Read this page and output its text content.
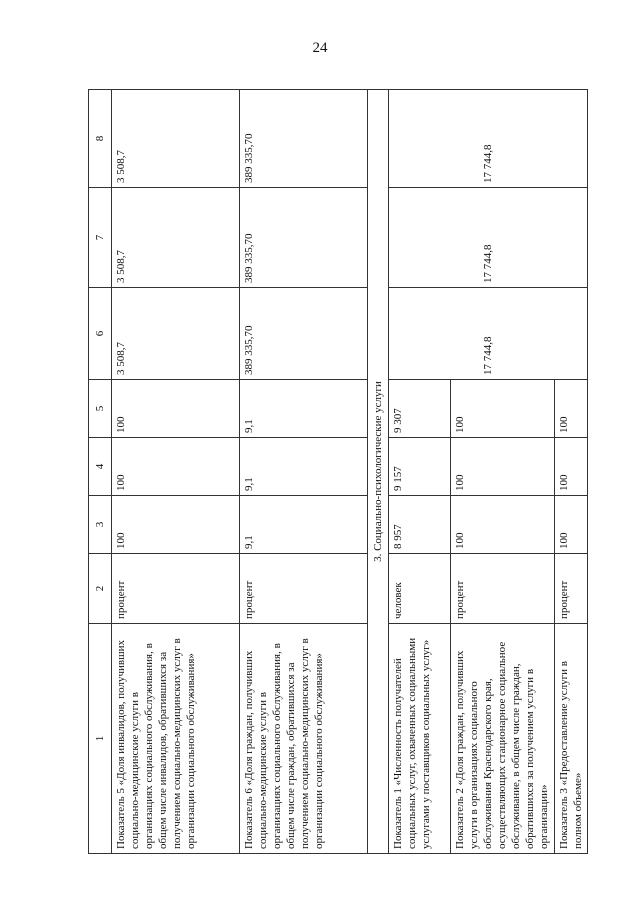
24
1	2	3	4	5	6	7	8
Показатель 5 «Доля инвалидов, получивших социально-медицинские услуги в организациях социального обслуживания, в общем числе инвалидов, обратившихся за получением социально-медицинских услуг в организации социального обслуживания»	процент	100	100	100	3 508,7	3 508,7	3 508,7
Показатель 6 «Доля граждан, получивших социально-медицинские услуги в организациях социального обслуживания, в общем числе граждан, обратившихся за получением социально-медицинских услуг в организации социального обслуживания»	процент	9,1	9,1	9,1	389 335,70	389 335,70	389 335,70
3. Социально-психологические услуги							
Показатель 1 «Численность получателей социальных услуг, охваченных социальными услугами у поставщиков социальных услуг»	человек	8 957	9 157	9 307	17 744,8	17 744,8	17 744,8
Показатель 2 «Доля граждан, получивших услуги в организациях социального обслуживания Краснодарского края, осуществляющих стационарное социальное обслуживание, в общем числе граждан, обратившихся за получением услуги в организации»	процент	100	100	100			
Показатель 3 «Предоставление услуги в полном объеме»	процент	100	100	100			
